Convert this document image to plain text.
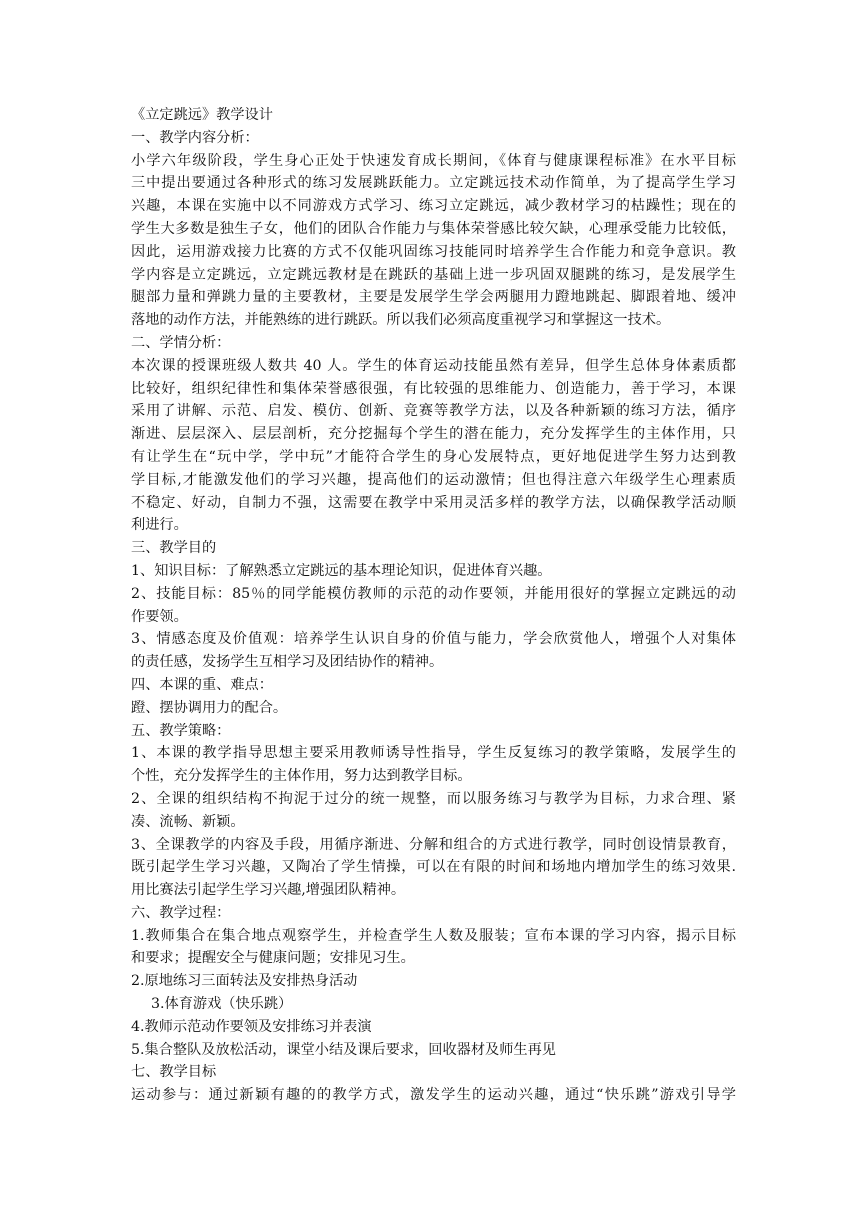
《立定跳远》教学设计
一、教学内容分析：
小学六年级阶段，学生身心正处于快速发育成长期间，《体育与健康课程标准》在水平目标
三中提出要通过各种形式的练习发展跳跃能力。立定跳远技术动作简单，为了提高学生学习
兴趣，本课在实施中以不同游戏方式学习、练习立定跳远，减少教材学习的枯躁性；现在的
学生大多数是独生子女，他们的团队合作能力与集体荣誉感比较欠缺，心理承受能力比较低，
因此，运用游戏接力比赛的方式不仅能巩固练习技能同时培养学生合作能力和竞争意识。教
学内容是立定跳远，立定跳远教材是在跳跃的基础上进一步巩固双腿跳的练习，是发展学生
腿部力量和弹跳力量的主要教材，主要是发展学生学会两腿用力蹬地跳起、脚跟着地、缓冲
落地的动作方法，并能熟练的进行跳跃。所以我们必须高度重视学习和掌握这一技术。
二、学情分析：
本次课的授课班级人数共 40 人。学生的体育运动技能虽然有差异，但学生总体身体素质都
比较好，组织纪律性和集体荣誉感很强，有比较强的思维能力、创造能力，善于学习，本课
采用了讲解、示范、启发、模仿、创新、竞赛等教学方法，以及各种新颖的练习方法，循序
渐进、层层深入、层层剖析，充分挖掘每个学生的潜在能力，充分发挥学生的主体作用，只
有让学生在“玩中学，学中玩”才能符合学生的身心发展特点，更好地促进学生努力达到教
学目标,才能激发他们的学习兴趣，提高他们的运动激情；但也得注意六年级学生心理素质
不稳定、好动，自制力不强，这需要在教学中采用灵活多样的教学方法，以确保教学活动顺
利进行。
三、教学目的
1、知识目标：了解熟悉立定跳远的基本理论知识，促进体育兴趣。
2、技能目标：85％的同学能模仿教师的示范的动作要领，并能用很好的掌握立定跳远的动
作要领。
3、情感态度及价值观：培养学生认识自身的价值与能力，学会欣赏他人，增强个人对集体
的责任感，发扬学生互相学习及团结协作的精神。
四、本课的重、难点：
蹬、摆协调用力的配合。
五、教学策略：
1、本课的教学指导思想主要采用教师诱导性指导，学生反复练习的教学策略，发展学生的
个性，充分发挥学生的主体作用，努力达到教学目标。
2、全课的组织结构不拘泥于过分的统一规整，而以服务练习与教学为目标，力求合理、紧
凑、流畅、新颖。
3、全课教学的内容及手段，用循序渐进、分解和组合的方式进行教学，同时创设情景教育，
既引起学生学习兴趣，又陶冶了学生情操，可以在有限的时间和场地内增加学生的练习效果.
用比赛法引起学生学习兴趣,增强团队精神。
六、教学过程：
1.教师集合在集合地点观察学生，并检查学生人数及服装；宣布本课的学习内容，揭示目标
和要求；提醒安全与健康问题；安排见习生。
2.原地练习三面转法及安排热身活动
3.体育游戏（快乐跳）
4.教师示范动作要领及安排练习并表演
5.集合整队及放松活动，课堂小结及课后要求，回收器材及师生再见
七、教学目标
运动参与：通过新颖有趣的的教学方式，激发学生的运动兴趣，通过“快乐跳”游戏引导学
